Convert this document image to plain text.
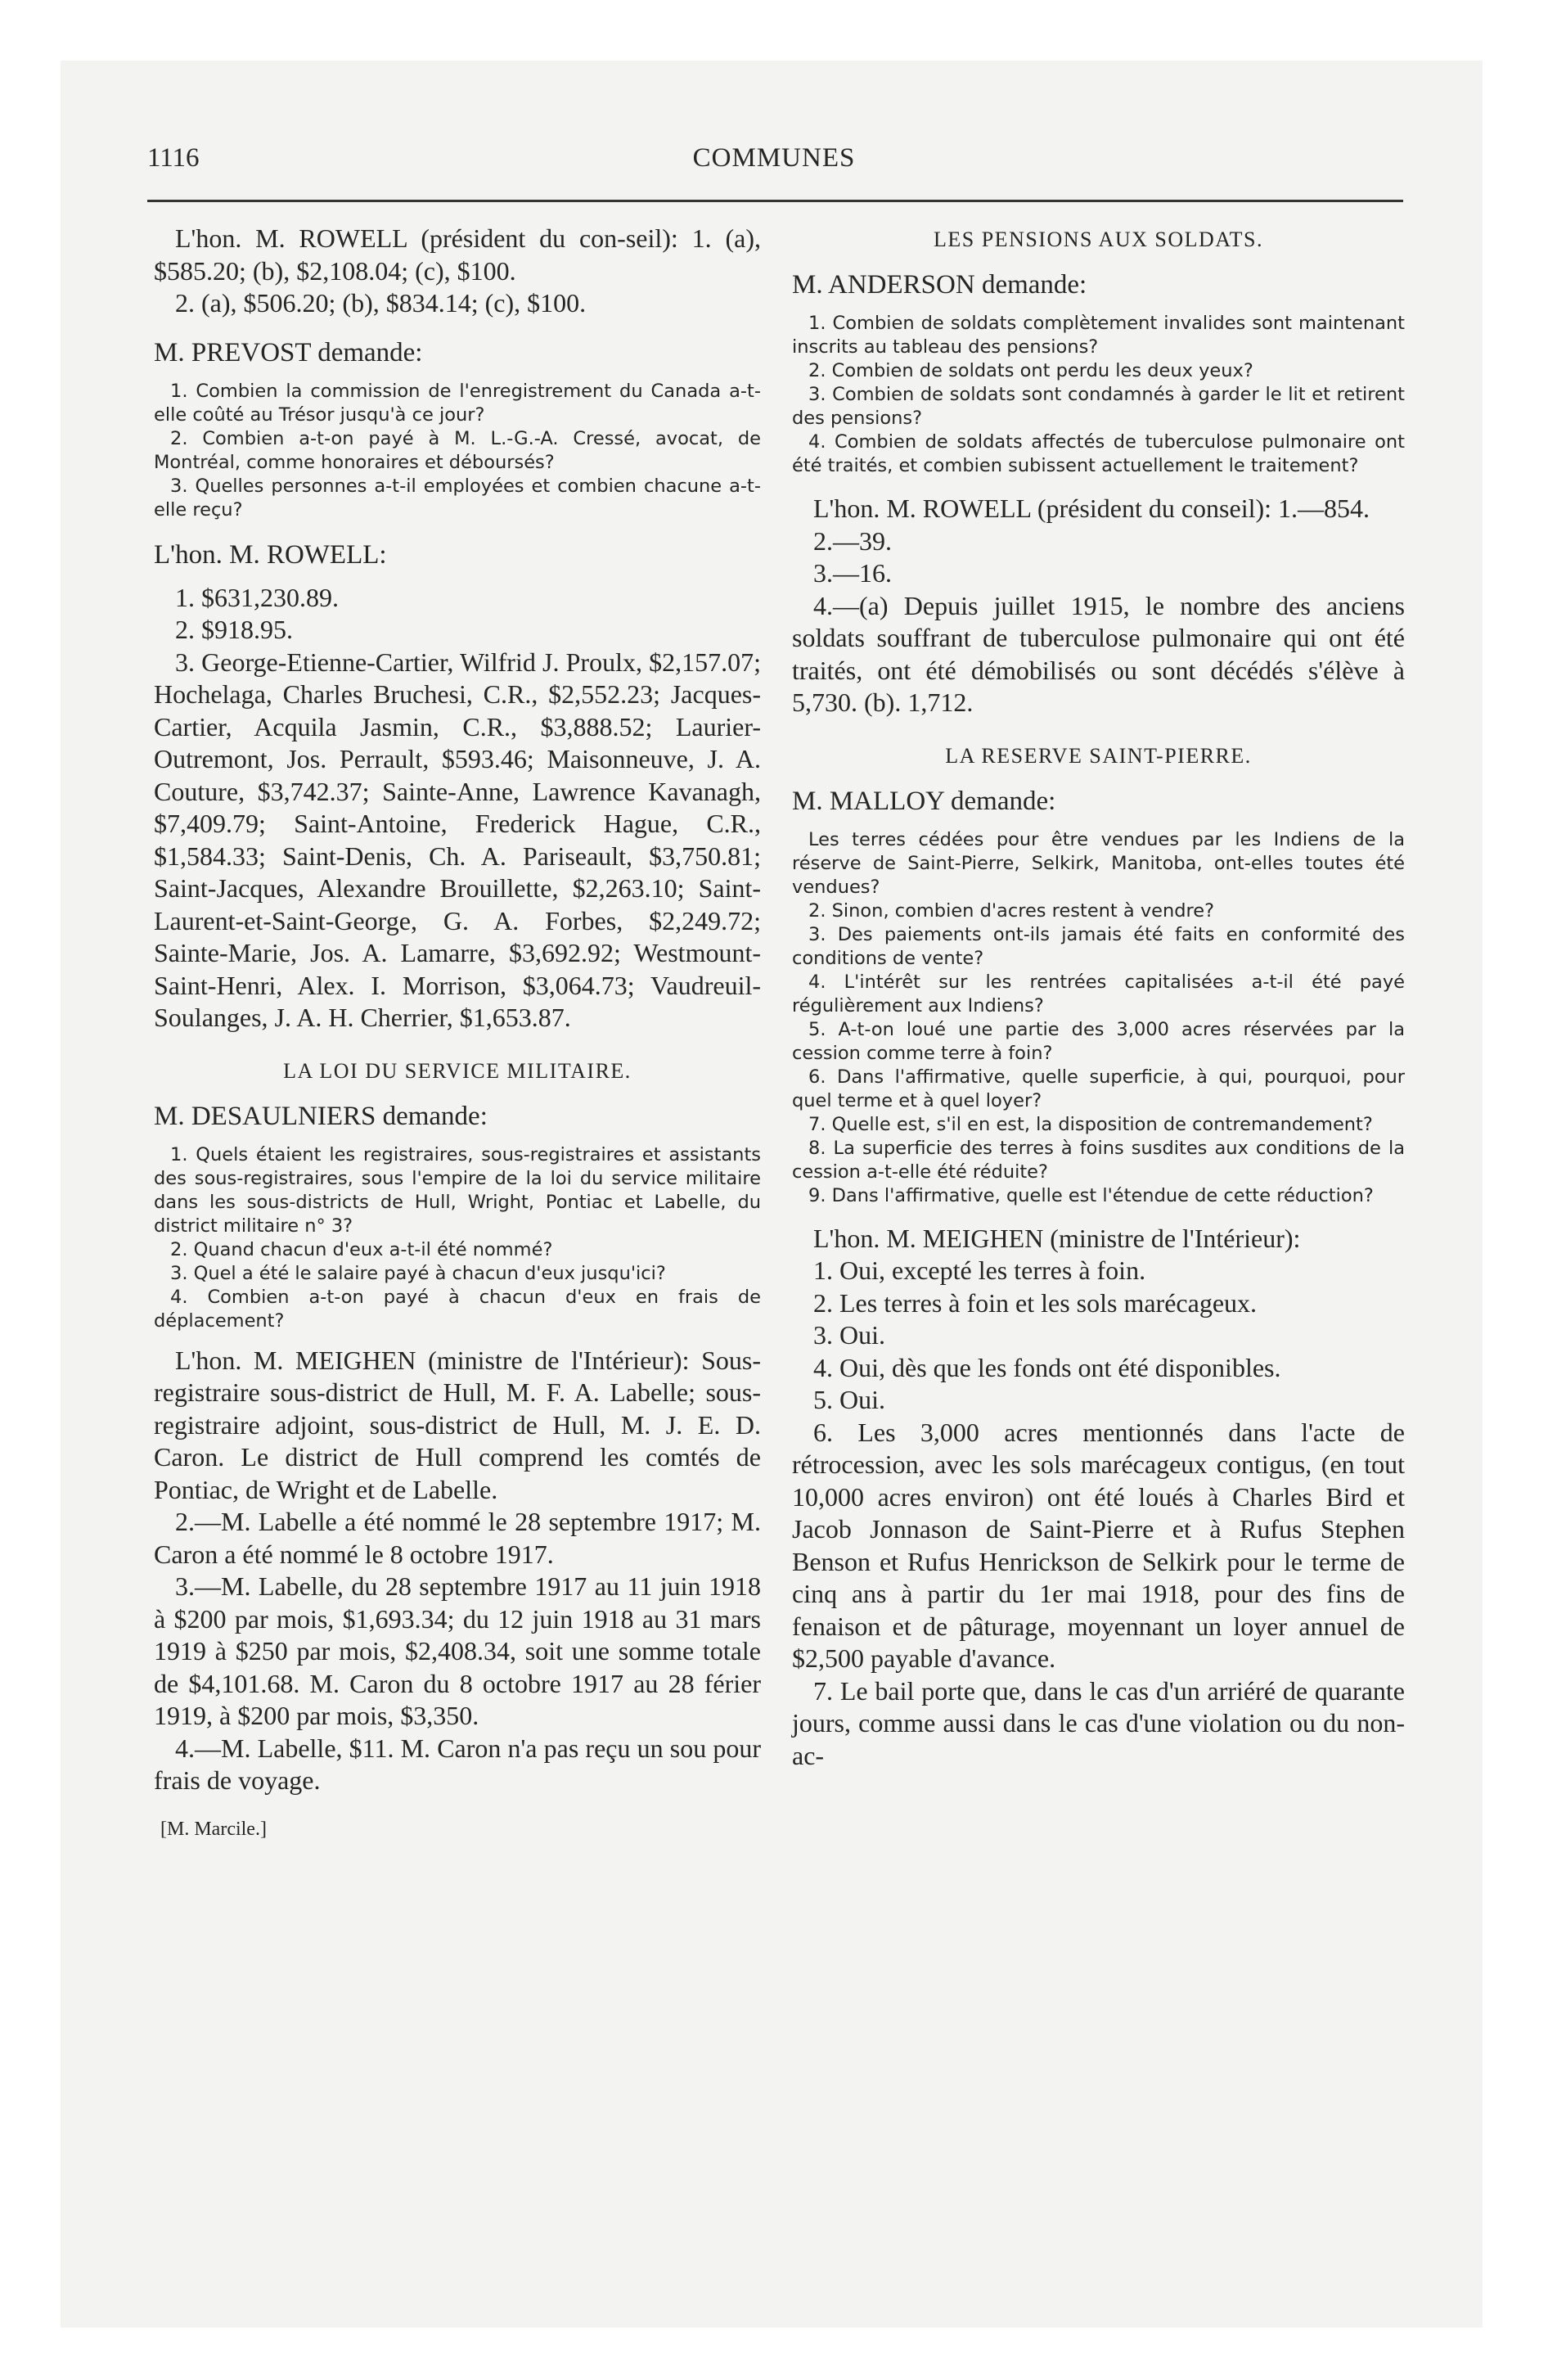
1116	COMMUNES

L'hon. M. ROWELL (président du con-seil): 1. (a), $585.20; (b), $2,108.04; (c), $100.

2. (a), $506.20; (b), $834.14; (c), $100.

M. PREVOST demande:

1. Combien la commission de l'enregistrement du Canada a-t-elle coûté au Trésor jusqu'à ce jour?

2. Combien a-t-on payé à M. L.-G.-A. Cressé, avocat, de Montréal, comme honoraires et déboursés?

3. Quelles personnes a-t-il employées et combien chacune a-t-elle reçu?

L'hon. M. ROWELL:

1. $631,230.89.

2. $918.95.

3. George-Etienne-Cartier, Wilfrid J. Proulx, $2,157.07; Hochelaga, Charles Bruchesi, C.R., $2,552.23; Jacques-Cartier, Acquila Jasmin, C.R., $3,888.52; Laurier-Outremont, Jos. Perrault, $593.46; Maisonneuve, J. A. Couture, $3,742.37; Sainte-Anne, Lawrence Kavanagh, $7,409.79; Saint-Antoine, Frederick Hague, C.R., $1,584.33; Saint-Denis, Ch. A. Pariseault, $3,750.81; Saint-Jacques, Alexandre Brouillette, $2,263.10; Saint-Laurent-et-Saint-George, G. A. Forbes, $2,249.72; Sainte-Marie, Jos. A. Lamarre, $3,692.92; Westmount-Saint-Henri, Alex. I. Morrison, $3,064.73; Vaudreuil-Soulanges, J. A. H. Cherrier, $1,653.87.

LA LOI DU SERVICE MILITAIRE.

M. DESAULNIERS demande:

1. Quels étaient les registraires, sous-registraires et assistants des sous-registraires, sous l'empire de la loi du service militaire dans les sous-districts de Hull, Wright, Pontiac et Labelle, du district militaire n° 3?

2. Quand chacun d'eux a-t-il été nommé?

3. Quel a été le salaire payé à chacun d'eux jusqu'ici?

4. Combien a-t-on payé à chacun d'eux en frais de déplacement?

L'hon. M. MEIGHEN (ministre de l'Intérieur): Sous-registraire sous-district de Hull, M. F. A. Labelle; sous-registraire adjoint, sous-district de Hull, M. J. E. D. Caron. Le district de Hull comprend les comtés de Pontiac, de Wright et de Labelle.

2.—M. Labelle a été nommé le 28 septembre 1917; M. Caron a été nommé le 8 octobre 1917.

3.—M. Labelle, du 28 septembre 1917 au 11 juin 1918 à $200 par mois, $1,693.34; du 12 juin 1918 au 31 mars 1919 à $250 par mois, $2,408.34, soit une somme totale de $4,101.68. M. Caron du 8 octobre 1917 au 28 férier 1919, à $200 par mois, $3,350.

4.—M. Labelle, $11. M. Caron n'a pas reçu un sou pour frais de voyage.

[M. Marcile.]

LES PENSIONS AUX SOLDATS.

M. ANDERSON demande:

1. Combien de soldats complètement invalides sont maintenant inscrits au tableau des pensions?

2. Combien de soldats ont perdu les deux yeux?

3. Combien de soldats sont condamnés à garder le lit et retirent des pensions?

4. Combien de soldats affectés de tuberculose pulmonaire ont été traités, et combien subissent actuellement le traitement?

L'hon. M. ROWELL (président du conseil): 1.—854.

2.—39.

3.—16.

4.—(a) Depuis juillet 1915, le nombre des anciens soldats souffrant de tuberculose pulmonaire qui ont été traités, ont été démobilisés ou sont décédés s'élève à 5,730. (b). 1,712.

LA RESERVE SAINT-PIERRE.

M. MALLOY demande:

Les terres cédées pour être vendues par les Indiens de la réserve de Saint-Pierre, Selkirk, Manitoba, ont-elles toutes été vendues?

2. Sinon, combien d'acres restent à vendre?

3. Des paiements ont-ils jamais été faits en conformité des conditions de vente?

4. L'intérêt sur les rentrées capitalisées a-t-il été payé régulièrement aux Indiens?

5. A-t-on loué une partie des 3,000 acres réservées par la cession comme terre à foin?

6. Dans l'affirmative, quelle superficie, à qui, pourquoi, pour quel terme et à quel loyer?

7. Quelle est, s'il en est, la disposition de contremandement?

8. La superficie des terres à foins susdites aux conditions de la cession a-t-elle été réduite?

9. Dans l'affirmative, quelle est l'étendue de cette réduction?

L'hon. M. MEIGHEN (ministre de l'Intérieur):

1. Oui, excepté les terres à foin.

2. Les terres à foin et les sols marécageux.

3. Oui.

4. Oui, dès que les fonds ont été disponibles.

5. Oui.

6. Les 3,000 acres mentionnés dans l'acte de rétrocession, avec les sols marécageux contigus, (en tout 10,000 acres environ) ont été loués à Charles Bird et Jacob Jonnason de Saint-Pierre et à Rufus Stephen Benson et Rufus Henrickson de Selkirk pour le terme de cinq ans à partir du 1er mai 1918, pour des fins de fenaison et de pâturage, moyennant un loyer annuel de $2,500 payable d'avance.

7. Le bail porte que, dans le cas d'un arriéré de quarante jours, comme aussi dans le cas d'une violation ou du non-ac-
